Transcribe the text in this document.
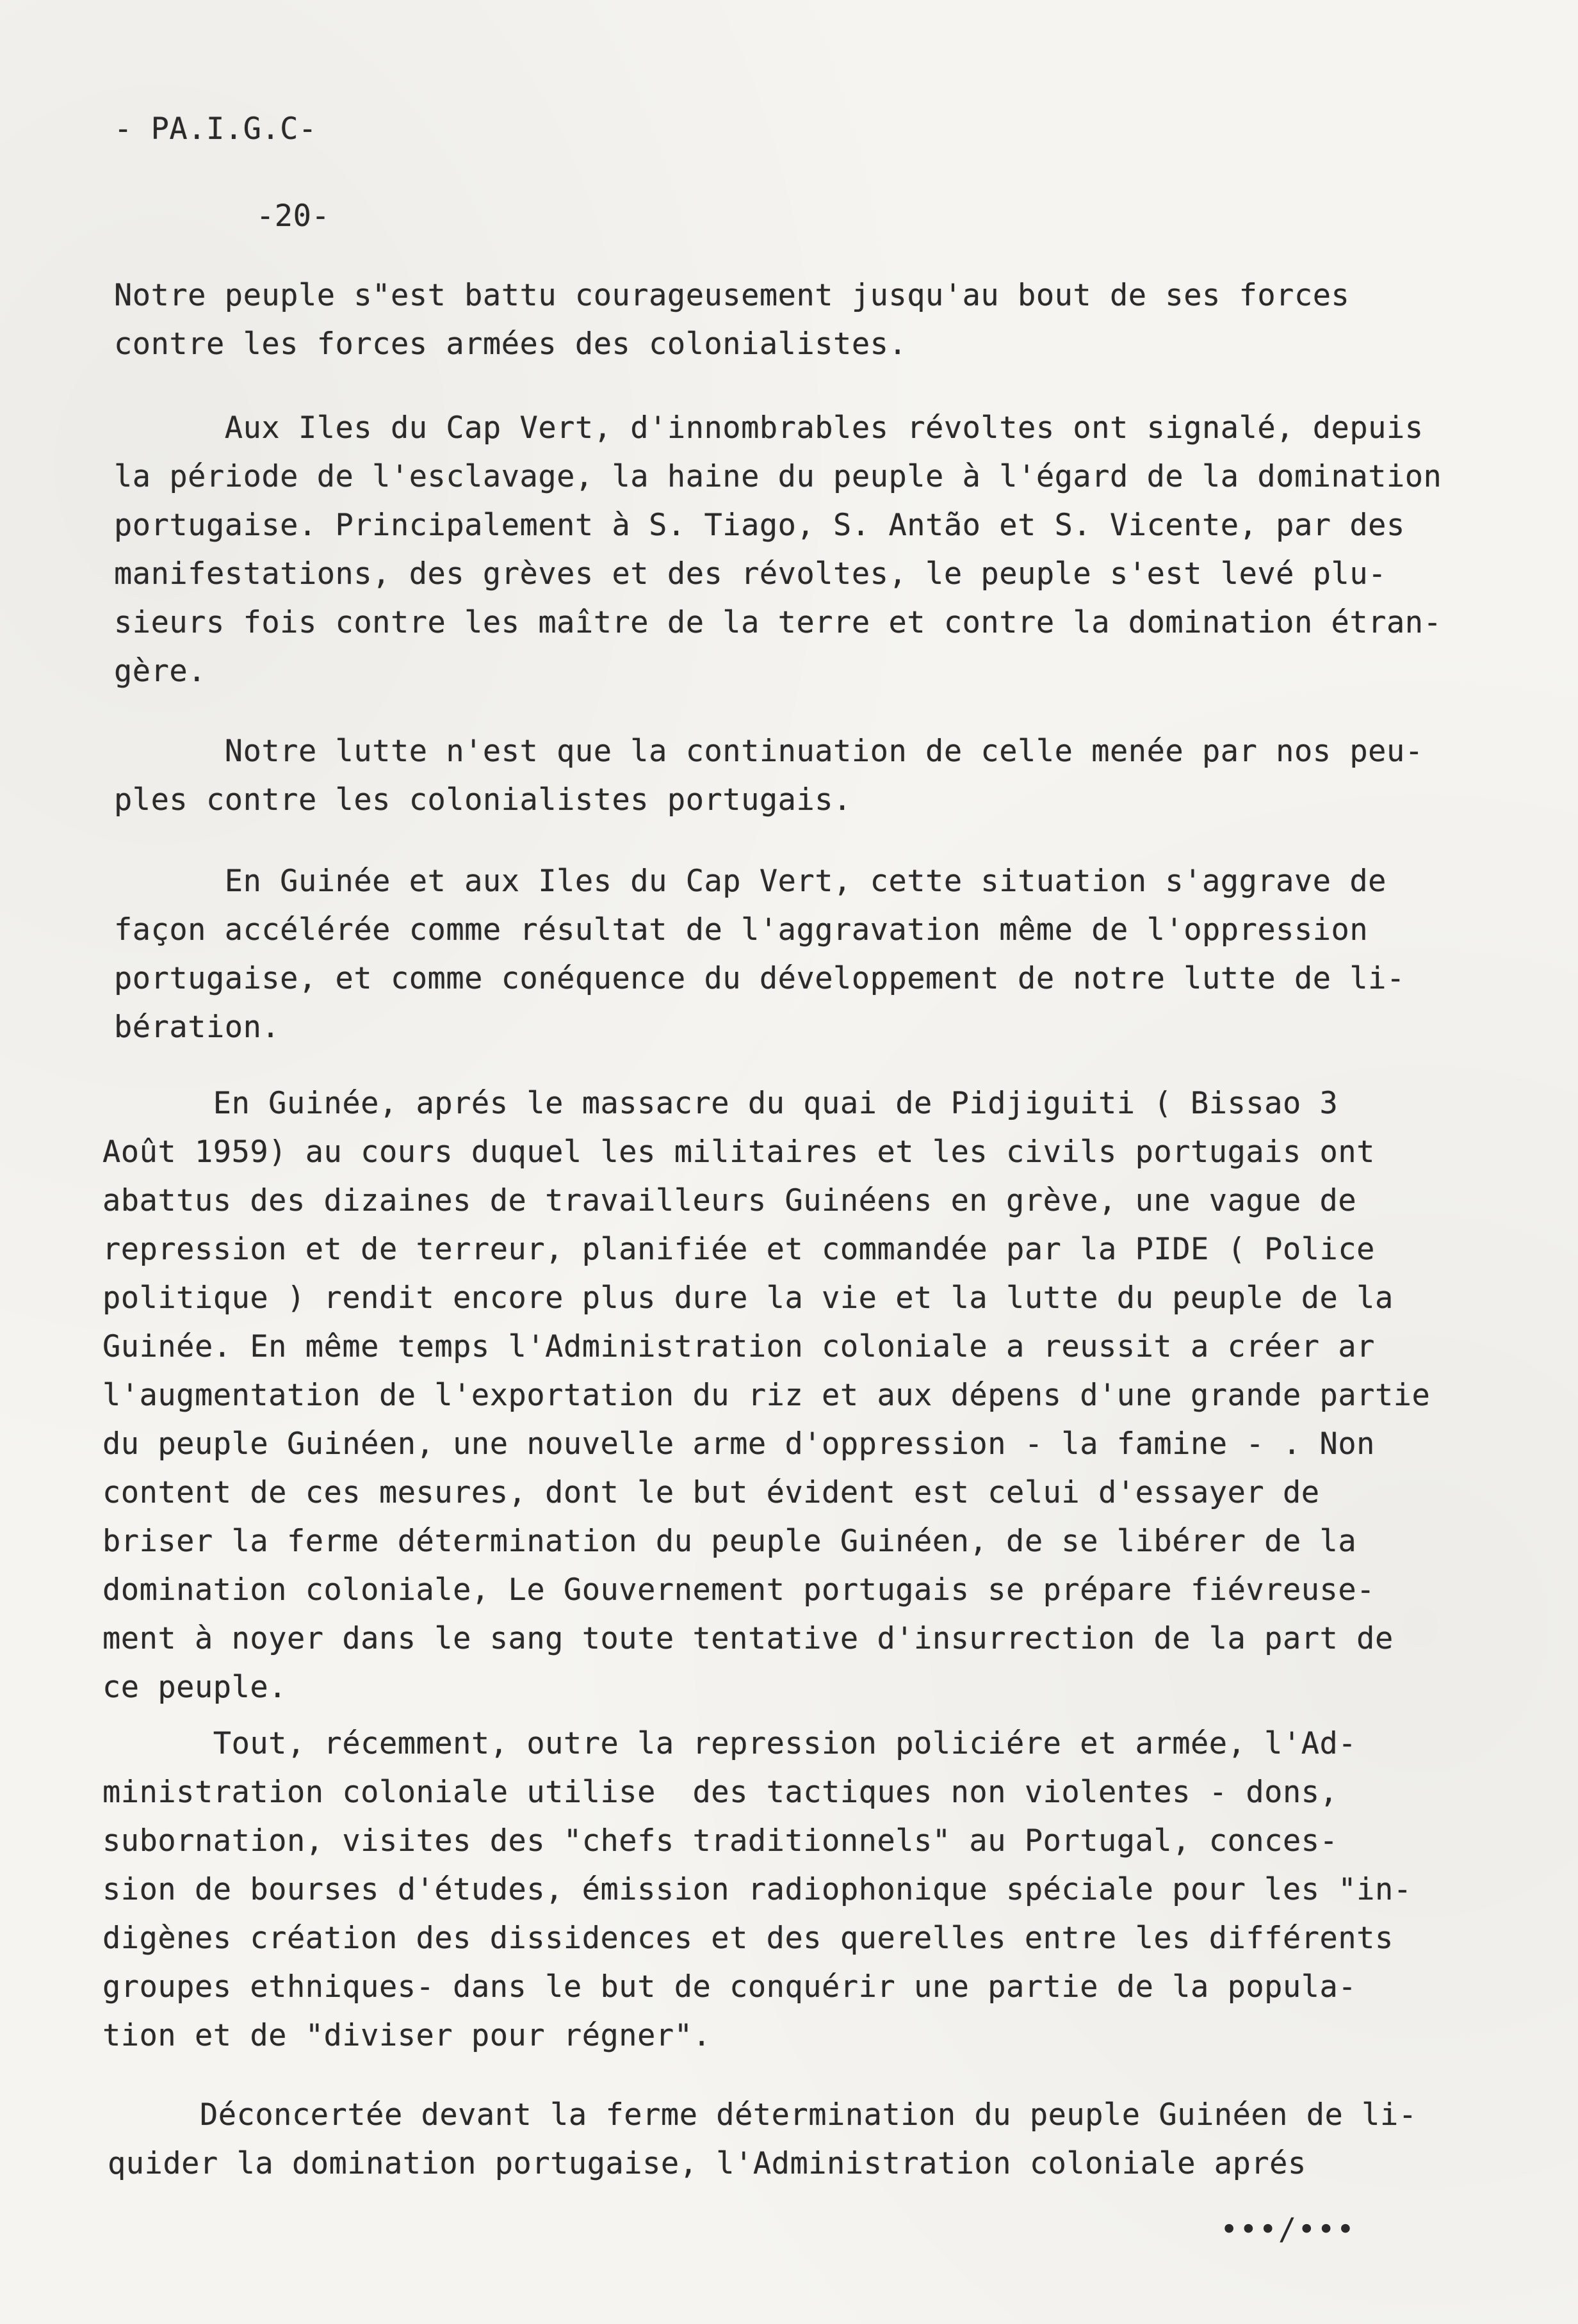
- PA.I.G.C-
-20-
Notre peuple s"est battu courageusement jusqu'au bout de ses forces
contre les forces armées des colonialistes.
Aux Iles du Cap Vert, d'innombrables révoltes ont signalé, depuis
la période de l'esclavage, la haine du peuple à l'égard de la domination
portugaise. Principalement à S. Tiago, S. Antão et S. Vicente, par des
manifestations, des grèves et des révoltes, le peuple s'est levé plu-
sieurs fois contre les maître de la terre et contre la domination étran-
gère.
Notre lutte n'est que la continuation de celle menée par nos peu-
ples contre les colonialistes portugais.
En Guinée et aux Iles du Cap Vert, cette situation s'aggrave de
façon accélérée comme résultat de l'aggravation même de l'oppression
portugaise, et comme conéquence du développement de notre lutte de li-
bération.
En Guinée, aprés le massacre du quai de Pidjiguiti ( Bissao 3
Août 1959) au cours duquel les militaires et les civils portugais ont
abattus des dizaines de travailleurs Guinéens en grève, une vague de
repression et de terreur, planifiée et commandée par la PIDE ( Police
politique ) rendit encore plus dure la vie et la lutte du peuple de la
Guinée. En même temps l'Administration coloniale a reussit a créer ar
l'augmentation de l'exportation du riz et aux dépens d'une grande partie
du peuple Guinéen, une nouvelle arme d'oppression - la famine - . Non
content de ces mesures, dont le but évident est celui d'essayer de
briser la ferme détermination du peuple Guinéen, de se libérer de la
domination coloniale, Le Gouvernement portugais se prépare fiévreuse-
ment à noyer dans le sang toute tentative d'insurrection de la part de
ce peuple.
Tout, récemment, outre la repression policiére et armée, l'Ad-
ministration coloniale utilise  des tactiques non violentes - dons,
subornation, visites des "chefs traditionnels" au Portugal, conces-
sion de bourses d'études, émission radiophonique spéciale pour les "in-
digènes création des dissidences et des querelles entre les différents
groupes ethniques- dans le but de conquérir une partie de la popula-
tion et de "diviser pour régner".
Déconcertée devant la ferme détermination du peuple Guinéen de li-
quider la domination portugaise, l'Administration coloniale aprés
•••/•••
